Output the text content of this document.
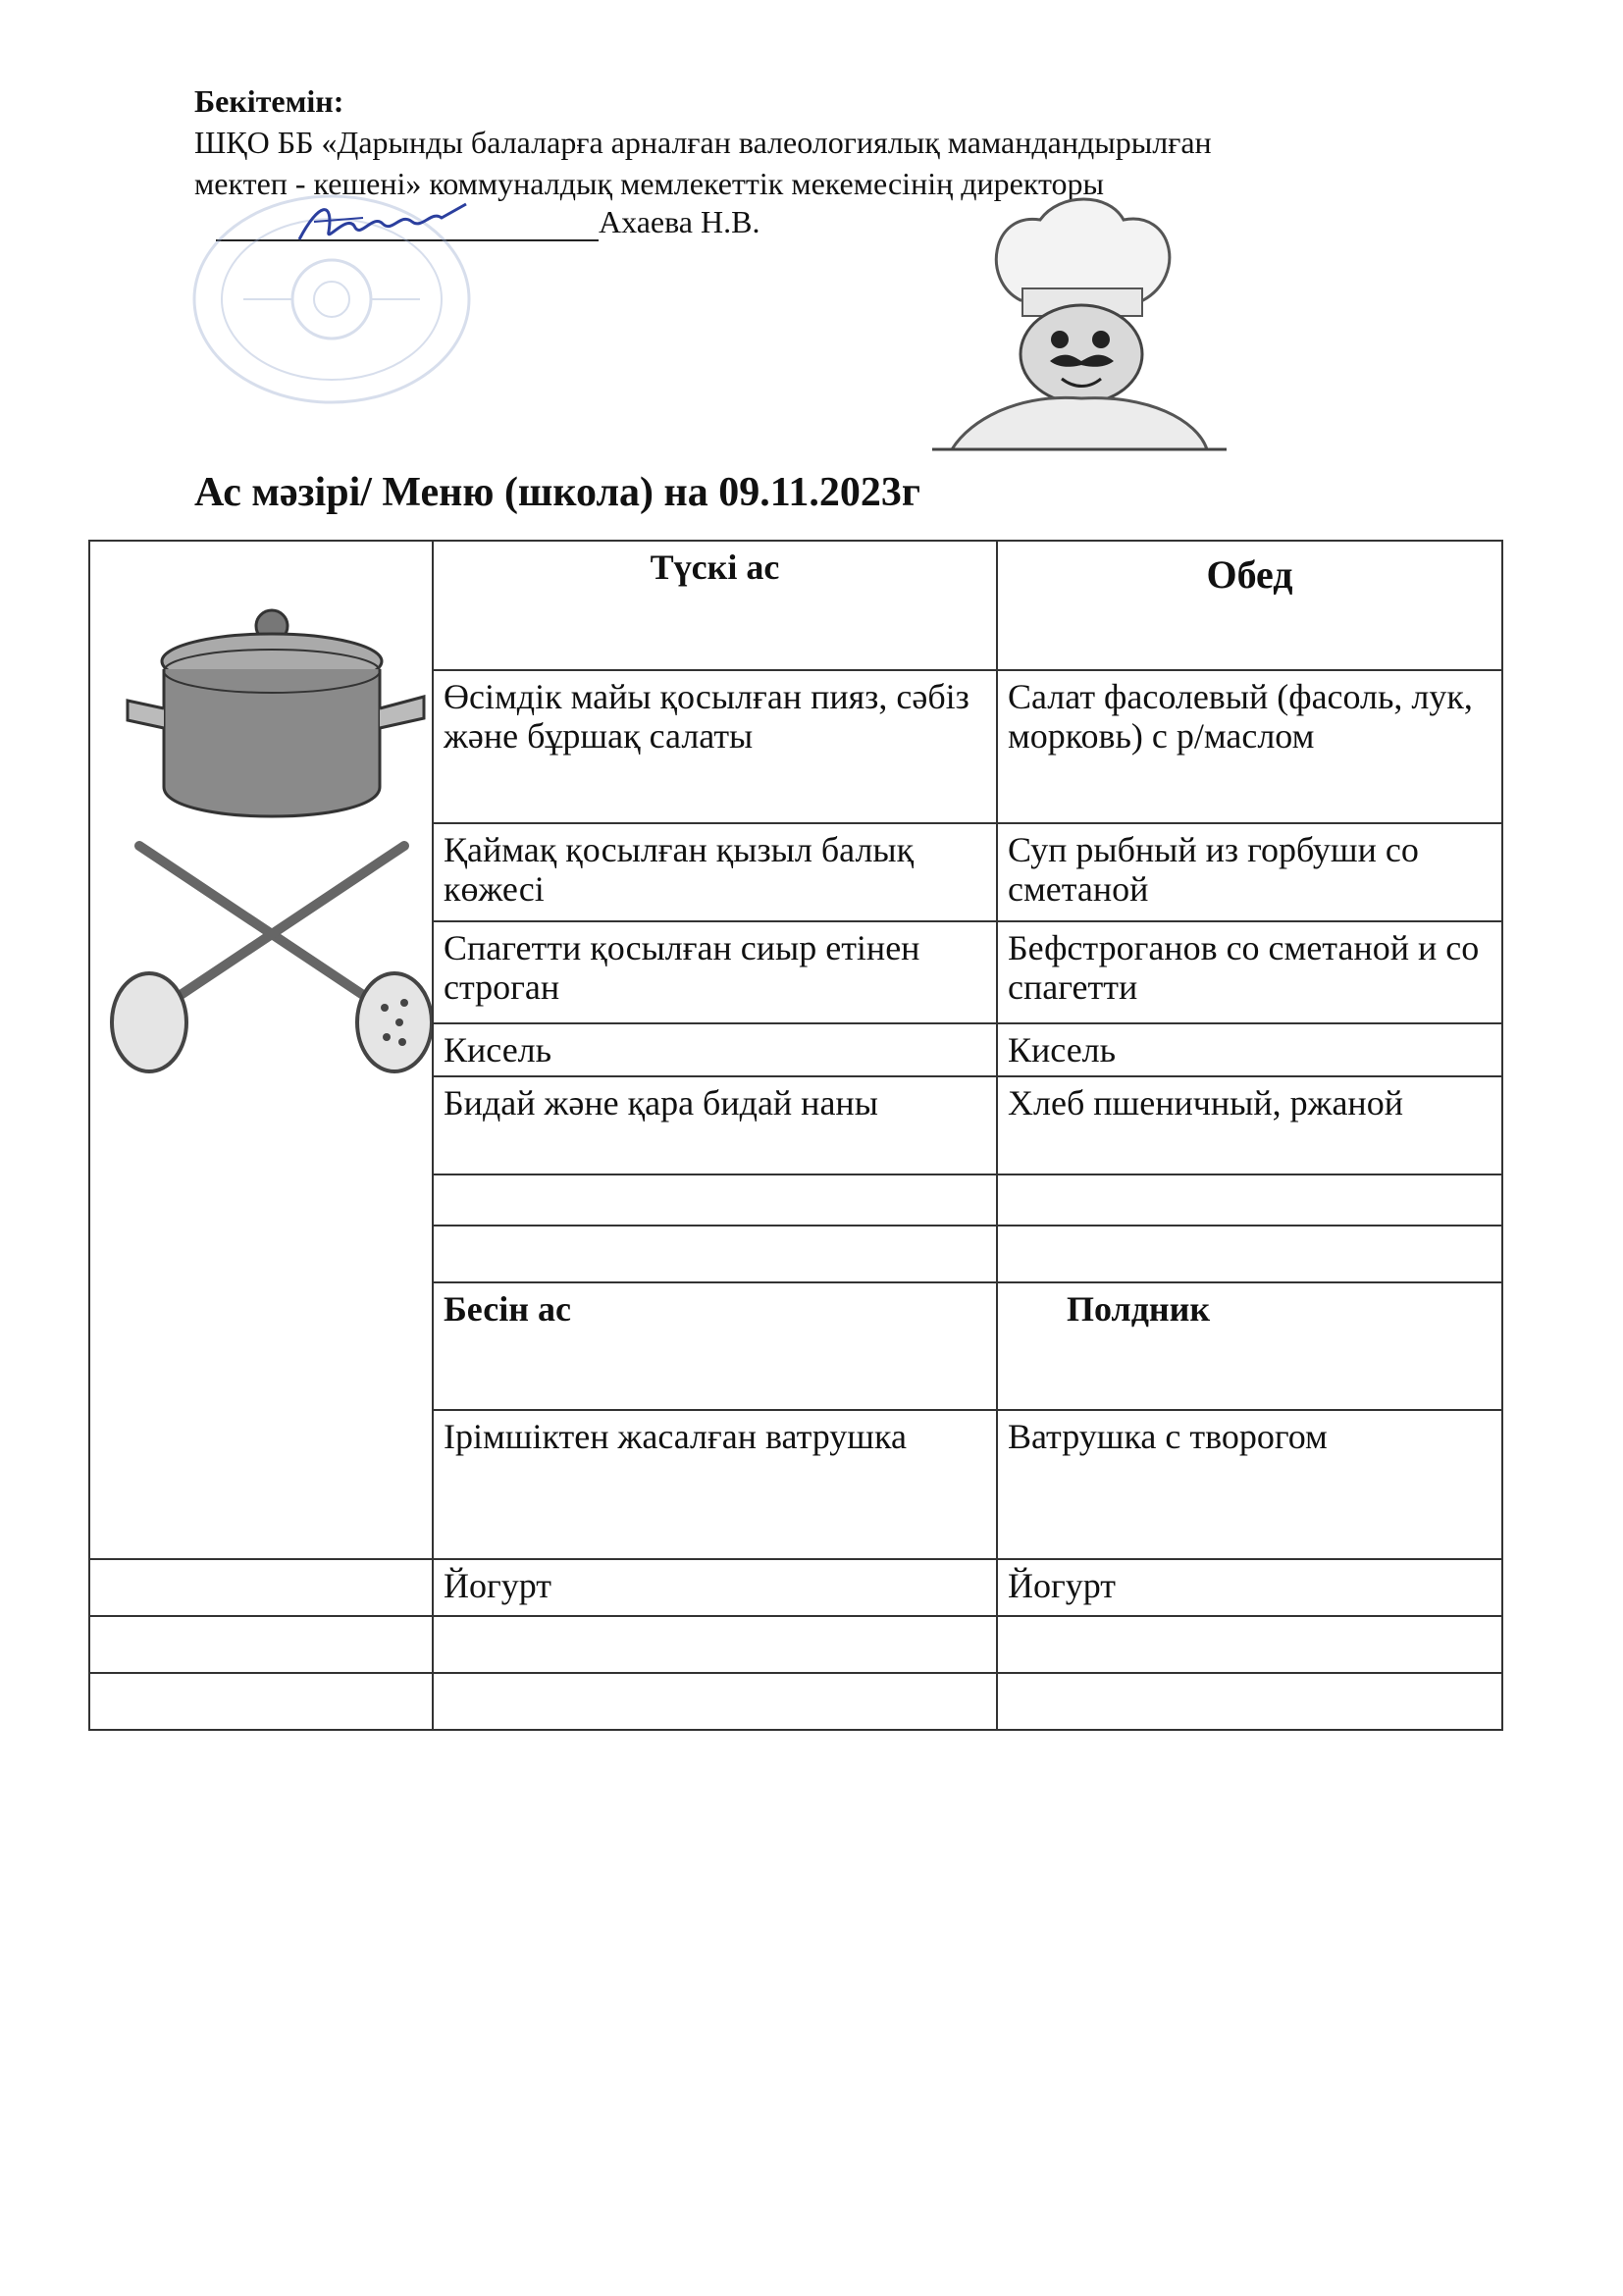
Бекітемін:
ШҚО ББ «Дарынды балаларға арналған валеологиялық мамандандырылған
мектеп - кешені» коммуналдық мемлекеттік мекемесінің директоры
Ахаева Н.В.
Ас мәзірі/ Меню (школа) на 09.11.2023г
	Түскі ас	Обед
	Өсімдік майы қосылған пияз, сәбіз және бұршақ салаты	Салат фасолевый (фасоль, лук, морковь) с р/маслом
	Қаймақ қосылған қызыл балық көжесі	Суп рыбный из горбуши со сметаной
	Спагетти қосылған сиыр етінен строган	Бефстроганов со сметаной и со спагетти
	Кисель	Кисель
	Бидай және қара бидай наны	Хлеб пшеничный, ржаной

	Бесін ас	Полдник
	Ірімшіктен жасалған ватрушка	Ватрушка с творогом
	Йогурт	Йогурт
